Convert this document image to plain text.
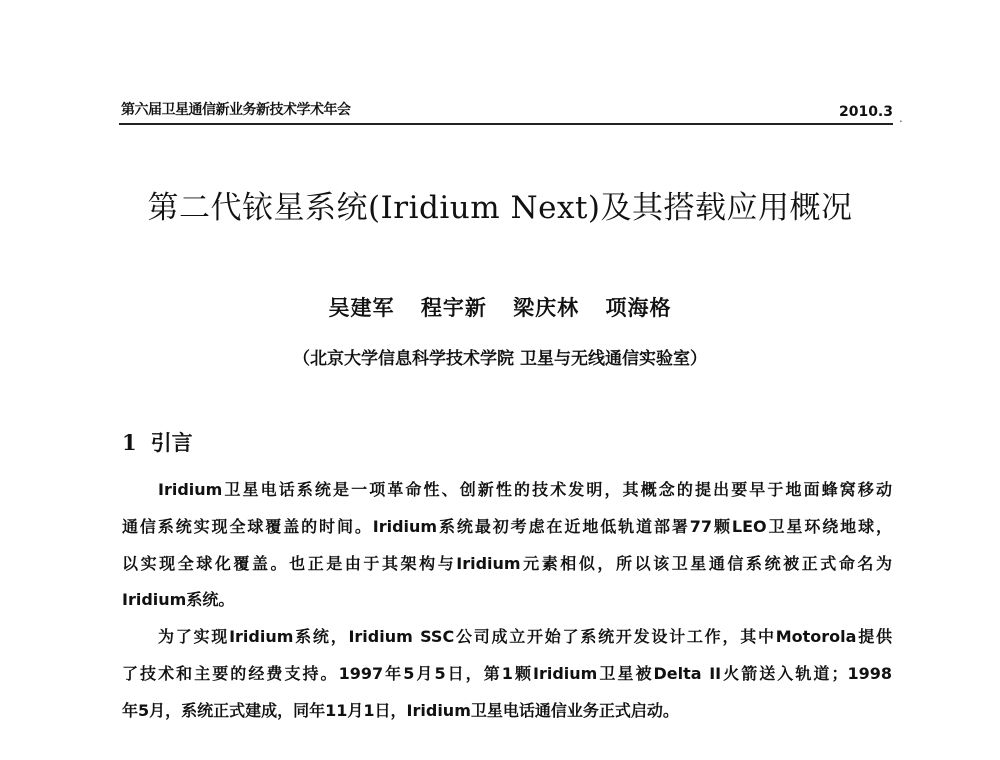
第六届卫星通信新业务新技术学术年会	2010.3 .
第二代铱星系统(Iridium Next)及其搭载应用概况
吴建军 程宇新 梁庆林 项海格
（北京大学信息科学技术学院 卫星与无线通信实验室）
1 引言

Iridium卫星电话系统是一项革命性、创新性的技术发明，其概念的提出要早于地面蜂窝移动
通信系统实现全球覆盖的时间。Iridium系统最初考虑在近地低轨道部署77颗LEO卫星环绕地球，
以实现全球化覆盖。也正是由于其架构与Iridium元素相似，所以该卫星通信系统被正式命名为
Iridium系统。

为了实现Iridium系统，Iridium SSC公司成立开始了系统开发设计工作，其中Motorola提供
了技术和主要的经费支持。1997年5月5日，第1颗Iridium卫星被Delta II火箭送入轨道；1998
年5月，系统正式建成，同年11月1日，Iridium卫星电话通信业务正式启动。
